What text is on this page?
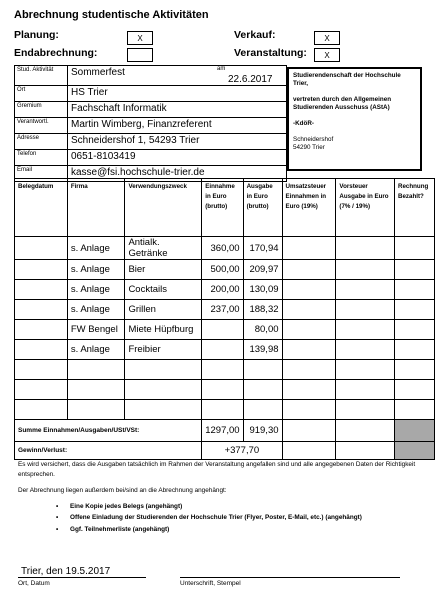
Abrechnung studentische Aktivitäten
Planung:	X
Endabrechnung:
Verkauf:	X
Veranstaltung:	X
Stud. Aktivität	Sommerfest
Ort	HS Trier
Gremium	Fachschaft Informatik
Verantwortl.	Martin Wimberg, Finanzreferent
Adresse	Schneidershof 1, 54293 Trier
Telefon	0651-8103419
Email	kasse@fsi.hochschule-trier.de
am
22.6.2017	Studierendenschaft der Hochschule Trier,
vertreten durch den Allgemeinen Studierenden Ausschuss (AStA)
-KdöR-
Schneidershof
54290 Trier
Belegdatum	Firma	Verwendungszweck	Einnahme in Euro (brutto)	Ausgabe in Euro (brutto)	Umsatzsteuer Einnahmen in Euro (19%)	Vorsteuer Ausgabe in Euro (7% / 19%)	Rechnung Bezahlt?
	s. Anlage	Antialk. Getränke	360,00	170,94			
	s. Anlage	Bier	500,00	209,97			
	s. Anlage	Cocktails	200,00	130,09			
	s. Anlage	Grillen	237,00	188,32			
	FW Bengel	Miete Hüpfburg		80,00			
	s. Anlage	Freibier		139,98			

Summe Einnahmen/Ausgaben/USt/VSt:			1297,00	919,30			
Gewinn/Verlust:			+377,70				
Es wird versichert, dass die Ausgaben tatsächlich im Rahmen der Veranstaltung angefallen sind und alle angegebenen Daten der Richtigkeit entsprechen.
Der Abrechnung liegen außerdem bei/sind an die Abrechnung angehängt:
• Eine Kopie jedes Belegs (angehängt)
• Offene Einladung der Studierenden der Hochschule Trier (Flyer, Poster, E-Mail, etc.) (angehängt)
• Ggf. Teilnehmerliste (angehängt)
Trier, den 19.5.2017
Ort, Datum	Unterschrift, Stempel
